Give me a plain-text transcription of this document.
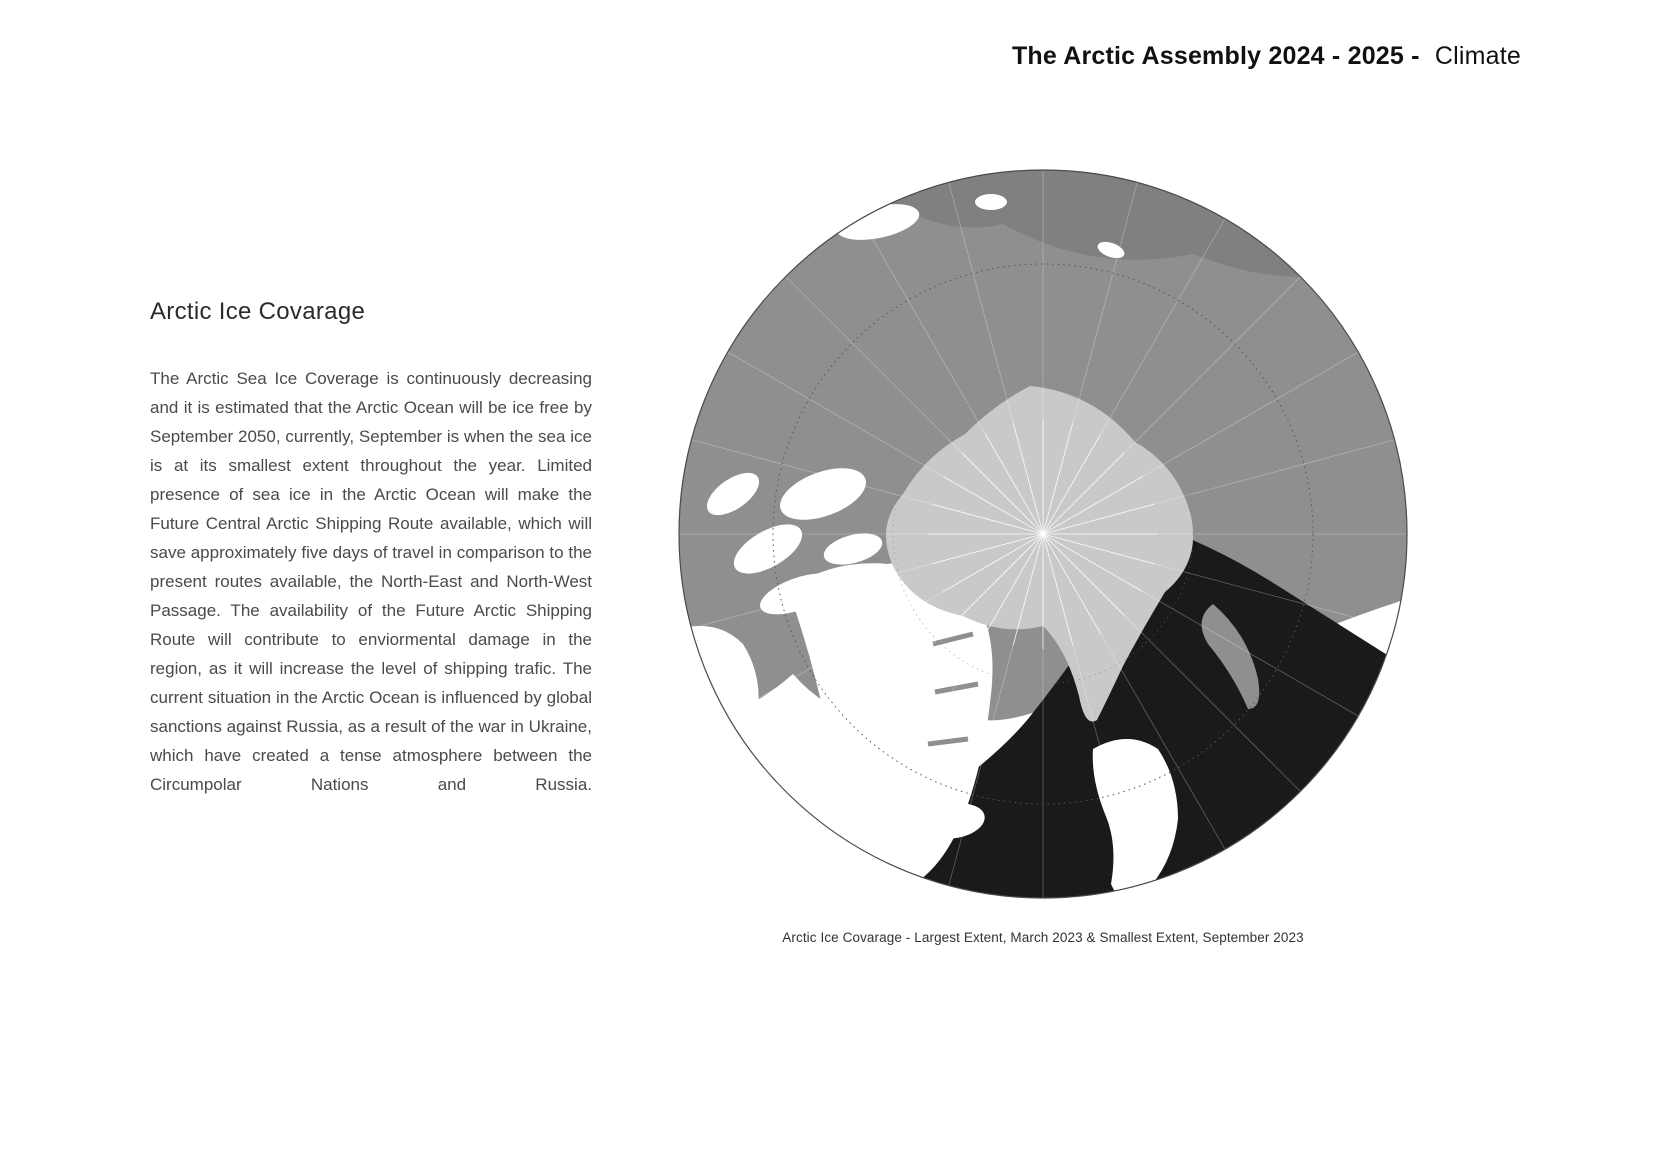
The Arctic Assembly 2024 - 2025 - Climate
Arctic Ice Covarage

The Arctic Sea Ice Coverage is continuously decreasing and it is estimated that the Arctic Ocean will be ice free by September 2050, currently, September is when the sea ice is at its smallest extent throughout the year. Limited presence of sea ice in the Arctic Ocean will make the Future Central Arctic Shipping Route available, which will save approximately five days of travel in comparison to the present routes available, the North-East and North-West Passage. The availability of the Future Arctic Shipping Route will contribute to enviormental damage in the region, as it will increase the level of shipping trafic. The current situation in the Arctic Ocean is influenced by global sanctions against Russia, as a result of the war in Ukraine, which have created a tense atmosphere between the Circumpolar Nations and Russia.

Arctic Ice Covarage - Largest Extent, March 2023 & Smallest Extent, September 2023
